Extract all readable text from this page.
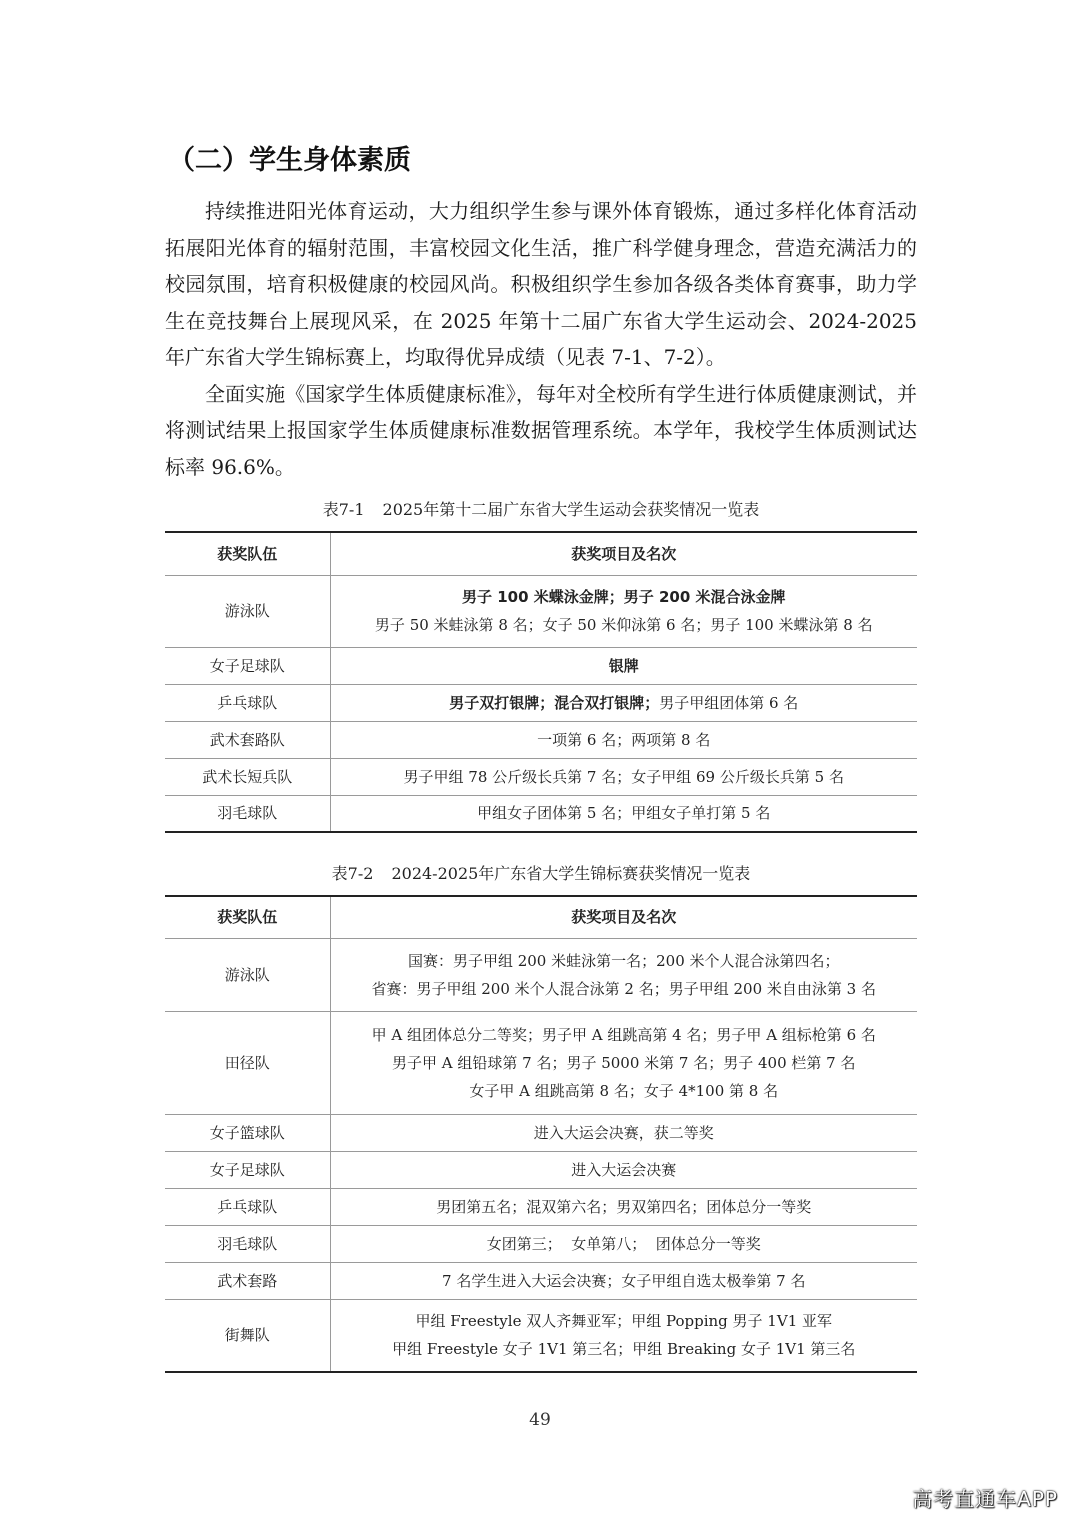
（二）学生身体素质

持续推进阳光体育运动，大力组织学生参与课外体育锻炼，通过多样化体育活动拓展阳光体育的辐射范围，丰富校园文化生活，推广科学健身理念，营造充满活力的校园氛围，培育积极健康的校园风尚。积极组织学生参加各级各类体育赛事，助力学生在竞技舞台上展现风采，在 2025 年第十二届广东省大学生运动会、2024-2025 年广东省大学生锦标赛上，均取得优异成绩（见表 7-1、7-2）。

全面实施《国家学生体质健康标准》，每年对全校所有学生进行体质健康测试，并将测试结果上报国家学生体质健康标准数据管理系统。本学年，我校学生体质测试达标率 96.6%。

表7-1 2025年第十二届广东省大学生运动会获奖情况一览表
获奖队伍	获奖项目及名次
游泳队	男子 100 米蝶泳金牌；男子 200 米混合泳金牌
男子 50 米蛙泳第 8 名；女子 50 米仰泳第 6 名；男子 100 米蝶泳第 8 名

女子足球队	银牌
乒乓球队	男子双打银牌；混合双打银牌；男子甲组团体第 6 名
武术套路队	一项第 6 名；两项第 8 名
武术长短兵队	男子甲组 78 公斤级长兵第 7 名；女子甲组 69 公斤级长兵第 5 名
羽毛球队	甲组女子团体第 5 名；甲组女子单打第 5 名
表7-2 2024-2025年广东省大学生锦标赛获奖情况一览表
获奖队伍	获奖项目及名次
游泳队	国赛：男子甲组 200 米蛙泳第一名；200 米个人混合泳第四名；
省赛：男子甲组 200 米个人混合泳第 2 名；男子甲组 200 米自由泳第 3 名

田径队	甲 A 组团体总分二等奖；男子甲 A 组跳高第 4 名；男子甲 A 组标枪第 6 名
男子甲 A 组铅球第 7 名；男子 5000 米第 7 名；男子 400 栏第 7 名
女子甲 A 组跳高第 8 名；女子 4*100 第 8 名

女子篮球队	进入大运会决赛，获二等奖
女子足球队	进入大运会决赛
乒乓球队	男团第五名；混双第六名；男双第四名；团体总分一等奖
羽毛球队	女团第三；  女单第八；  团体总分一等奖
武术套路	7 名学生进入大运会决赛；女子甲组自选太极拳第 7 名
街舞队	甲组 Freestyle 双人齐舞亚军；甲组 Popping 男子 1V1 亚军
甲组 Freestyle 女子 1V1 第三名；甲组 Breaking 女子 1V1 第三名
49
高考直通车APP
